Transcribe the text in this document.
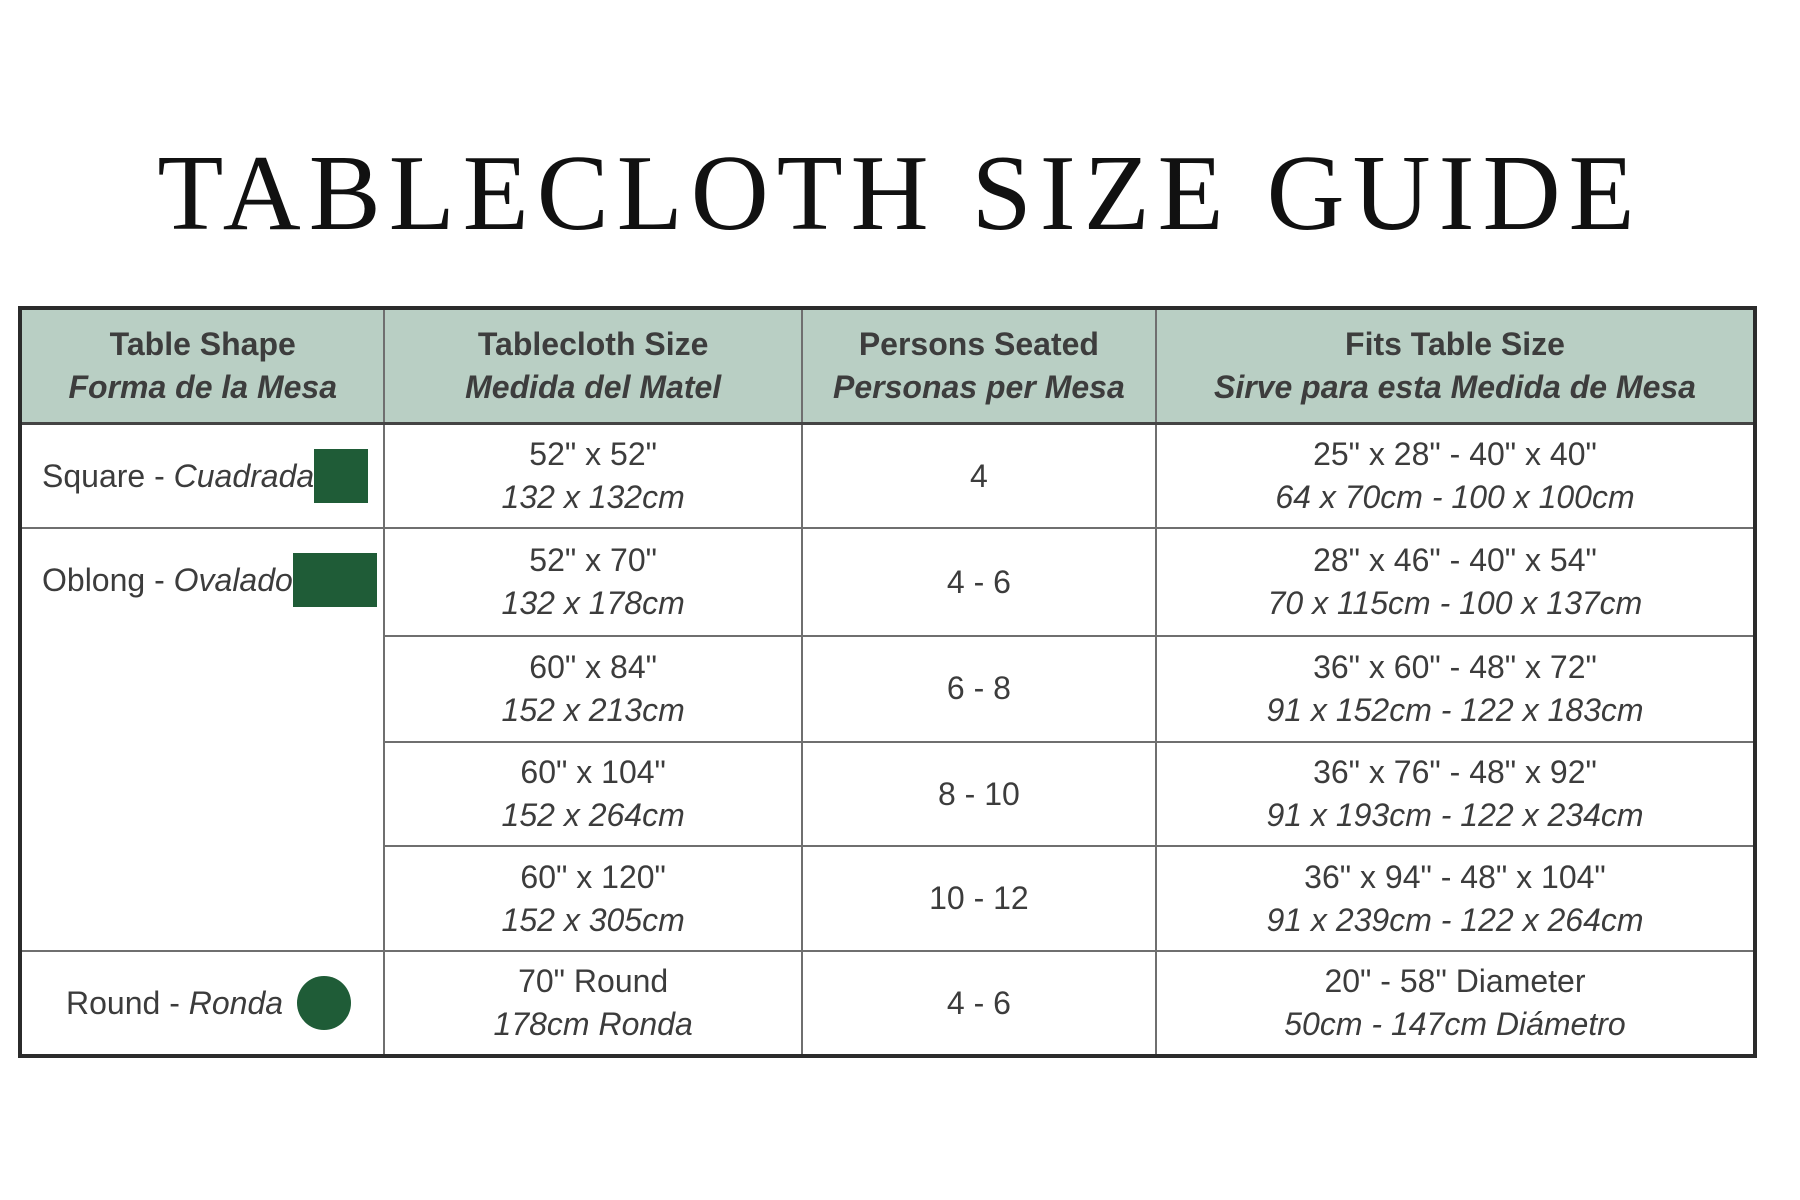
TABLECLOTH SIZE GUIDE
Table Shape
Forma de la Mesa	Tablecloth Size
Medida del Matel	Persons Seated
Personas per Mesa	Fits Table Size
Sirve para esta Medida de Mesa

Square - Cuadrada	52" x 52"
132 x 132cm	4	25" x 28" - 40" x 40"
64 x 70cm - 100 x 100cm

Oblong - Ovalado	52" x 70"
132 x 178cm	4 - 6	28" x 46" - 40" x 54"
70 x 115cm - 100 x 137cm

	60" x 84"
152 x 213cm	6 - 8	36" x 60" - 48" x 72"
91 x 152cm - 122 x 183cm

	60" x 104"
152 x 264cm	8 - 10	36" x 76" - 48" x 92"
91 x 193cm - 122 x 234cm

	60" x 120"
152 x 305cm	10 - 12	36" x 94" - 48" x 104"
91 x 239cm - 122 x 264cm

Round - Ronda	70" Round
178cm Ronda	4 - 6	20" - 58" Diameter
50cm - 147cm Diámetro
